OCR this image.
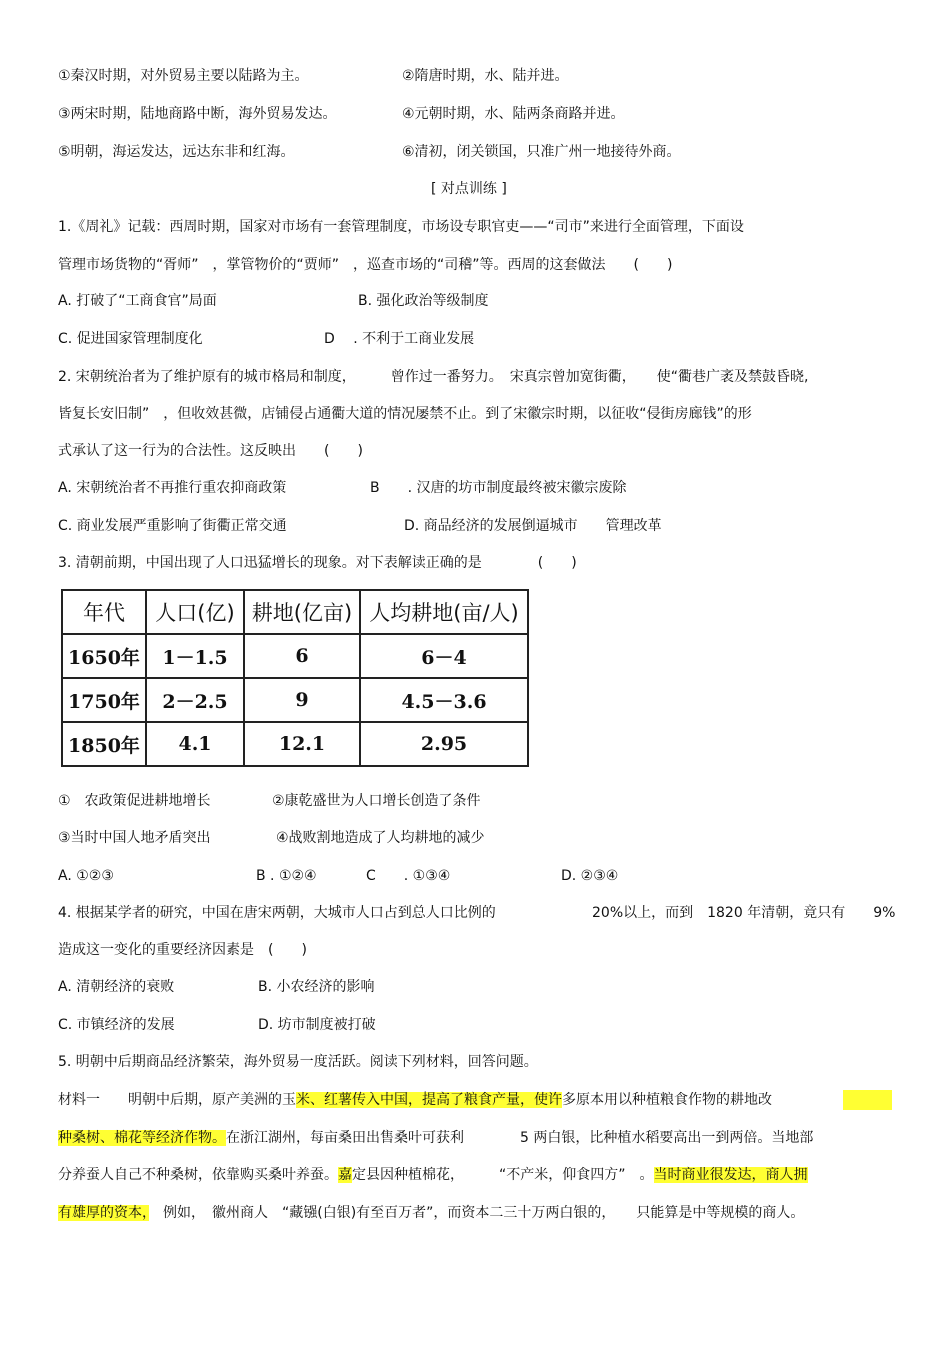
①秦汉时期，对外贸易主要以陆路为主。	②隋唐时期，水、陆并进。
③两宋时期，陆地商路中断，海外贸易发达。	④元朝时期，水、陆两条商路并进。
⑤明朝，海运发达，远达东非和红海。	⑥清初，闭关锁国，只准广州一地接待外商。
[ 对点训练 ]
1.《周礼》记载：西周时期，国家对市场有一套管理制度，市场设专职官吏——“司市”来进行全面管理，下面设
管理市场货物的“胥师”　，掌管物价的“贾师”　，巡查市场的“司稽”等。西周的这套做法　　(　　)
A. 打破了“工商食官”局面	B. 强化政治等级制度
C. 促进国家管理制度化	D　 . 不利于工商业发展
2. 宋朝统治者为了维护原有的城市格局和制度，　　　曾作过一番努力。　宋真宗曾加宽街衢，　　使“衢巷广袤及禁鼓昏晓,
皆复长安旧制”　，但收效甚微，店铺侵占通衢大道的情况屡禁不止。到了宋徽宗时期，以征收“侵街房廊钱”的形
式承认了这一行为的合法性。这反映出　　(　　)
A. 宋朝统治者不再推行重农抑商政策	B　　. 汉唐的坊市制度最终被宋徽宗废除
C. 商业发展严重影响了街衢正常交通	D. 商品经济的发展倒逼城市　　管理改革
3. 清朝前期，中国出现了人口迅猛增长的现象。对下表解读正确的是　　　　(　　)
年代	人口(亿)	耕地(亿亩)	人均耕地(亩/人)
1650年	1－1.5	6	6－4
1750年	2－2.5	9	4.5－3.6
1850年	4.1	12.1	2.95
①　农政策促进耕地增长	②康乾盛世为人口增长创造了条件
③当时中国人地矛盾突出	④战败割地造成了人均耕地的减少
A. ①②③	B . ①②④	C　　. ①③④	D. ②③④
4. 根据某学者的研究，中国在唐宋两朝，大城市人口占到总人口比例的	20%以上，而到　1820 年清朝，竟只有　　9%
造成这一变化的重要经济因素是　(　　)
A. 清朝经济的衰败	B. 小农经济的影响
C. 市镇经济的发展	D. 坊市制度被打破
5. 明朝中后期商品经济繁荣，海外贸易一度活跃。阅读下列材料，回答问题。
材料一　　明朝中后期，原产美洲的玉米、红薯传入中国，提高了粮食产量，使许多原本用以种植粮食作物的耕地改
种桑树、棉花等经济作物。在浙江湖州，每亩桑田出售桑叶可获利　　　　5 两白银，比种植水稻要高出一到两倍。当地部
分养蚕人自己不种桑树，依靠购买桑叶养蚕。嘉定县因种植棉花，　　　“不产米，仰食四方”　。当时商业很发达，商人拥
有雄厚的资本，　例如，　徽州商人　“藏镪(白银)有至百万者”，而资本二三十万两白银的，　　只能算是中等规模的商人。
